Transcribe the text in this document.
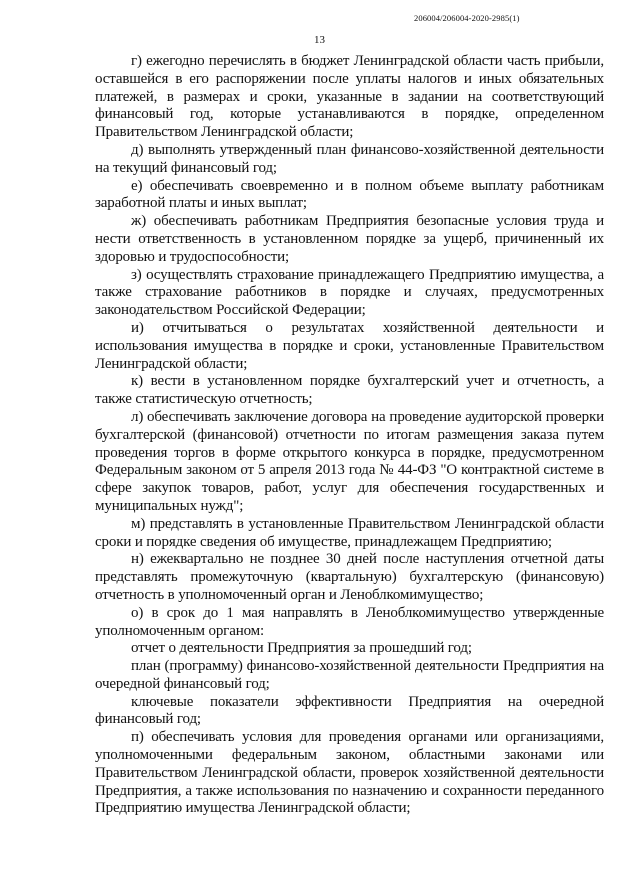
206004/206004-2020-2985(1)
13

г) ежегодно перечислять в бюджет Ленинградской области часть прибыли, оставшейся в его распоряжении после уплаты налогов и иных обязательных платежей, в размерах и сроки, указанные в задании на соответствующий финансовый год, которые устанавливаются в порядке, определенном Правительством Ленинградской области;

д) выполнять утвержденный план финансово-хозяйственной деятельности на текущий финансовый год;

е) обеспечивать своевременно и в полном объеме выплату работникам заработной платы и иных выплат;

ж) обеспечивать работникам Предприятия безопасные условия труда и нести ответственность в установленном порядке за ущерб, причиненный их здоровью и трудоспособности;

з) осуществлять страхование принадлежащего Предприятию имущества, а также страхование работников в порядке и случаях, предусмотренных законодательством Российской Федерации;

и) отчитываться о результатах хозяйственной деятельности и использования имущества в порядке и сроки, установленные Правительством Ленинградской области;

к) вести в установленном порядке бухгалтерский учет и отчетность, а также статистическую отчетность;

л) обеспечивать заключение договора на проведение аудиторской проверки бухгалтерской (финансовой) отчетности по итогам размещения заказа путем проведения торгов в форме открытого конкурса в порядке, предусмотренном Федеральным законом от 5 апреля 2013 года № 44-ФЗ "О контрактной системе в сфере закупок товаров, работ, услуг для обеспечения государственных и муниципальных нужд";

м) представлять в установленные Правительством Ленинградской области сроки и порядке сведения об имуществе, принадлежащем Предприятию;

н) ежеквартально не позднее 30 дней после наступления отчетной даты представлять промежуточную (квартальную) бухгалтерскую (финансовую) отчетность в уполномоченный орган и Леноблкомимущество;

о) в срок до 1 мая направлять в Леноблкомимущество утвержденные уполномоченным органом:

отчет о деятельности Предприятия за прошедший год;

план (программу) финансово-хозяйственной деятельности Предприятия на очередной финансовый год;

ключевые показатели эффективности Предприятия на очередной финансовый год;

п) обеспечивать условия для проведения органами или организациями, уполномоченными федеральным законом, областными законами или Правительством Ленинградской области, проверок хозяйственной деятельности Предприятия, а также использования по назначению и сохранности переданного Предприятию имущества Ленинградской области;
